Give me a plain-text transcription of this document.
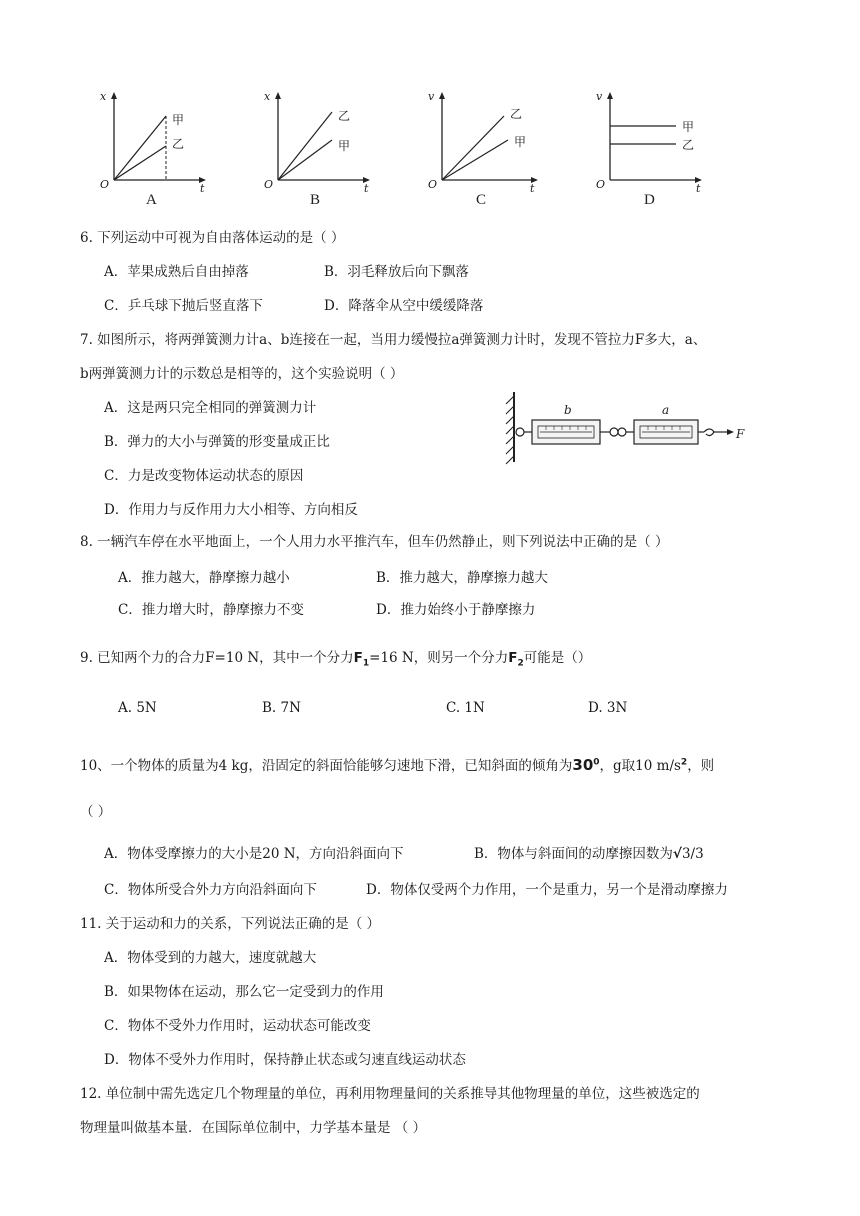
x
t
O
甲
乙
A
x
t
O
乙
甲
B
v
t
O
乙
甲
C
v
t
O
甲
乙
D
6. 下列运动中可视为自由落体运动的是（ ）
A．苹果成熟后自由掉落	B．羽毛释放后向下飘落
C．乒乓球下抛后竖直落下	D．降落伞从空中缓缓降落
7. 如图所示，将两弹簧测力计a、b连接在一起，当用力缓慢拉a弹簧测力计时，发现不管拉力F多大，a、
b两弹簧测力计的示数总是相等的，这个实验说明（ ）
A．这是两只完全相同的弹簧测力计
B．弹力的大小与弹簧的形变量成正比
C．力是改变物体运动状态的原因
D．作用力与反作用力大小相等、方向相反
b	a
F
8. 一辆汽车停在水平地面上，一个人用力水平推汽车，但车仍然静止，则下列说法中正确的是（ ）
A．推力越大，静摩擦力越小	B．推力越大，静摩擦力越大
C．推力增大时，静摩擦力不变	D．推力始终小于静摩擦力
9. 已知两个力的合力F=10 N，其中一个分力$F_1=16$ N，则另一个分力$F_2$可能是（）
A. 5N	B. 7N	C. 1N	D. 3N
10、一个物体的质量为4 kg，沿固定的斜面恰能够匀速地下滑，已知斜面的倾角为$30^0$，g取10 $m/s^2$，则
（ ）
A．物体受摩擦力的大小是20 N，方向沿斜面向下	B．物体与斜面间的动摩擦因数为√3/3
C．物体所受合外力方向沿斜面向下	D．物体仅受两个力作用，一个是重力，另一个是滑动摩擦力
11. 关于运动和力的关系，下列说法正确的是（ ）
A．物体受到的力越大，速度就越大
B．如果物体在运动，那么它一定受到力的作用
C．物体不受外力作用时，运动状态可能改变
D．物体不受外力作用时，保持静止状态或匀速直线运动状态
12. 单位制中需先选定几个物理量的单位，再利用物理量间的关系推导其他物理量的单位，这些被选定的
物理量叫做基本量．在国际单位制中，力学基本量是 （ ）
